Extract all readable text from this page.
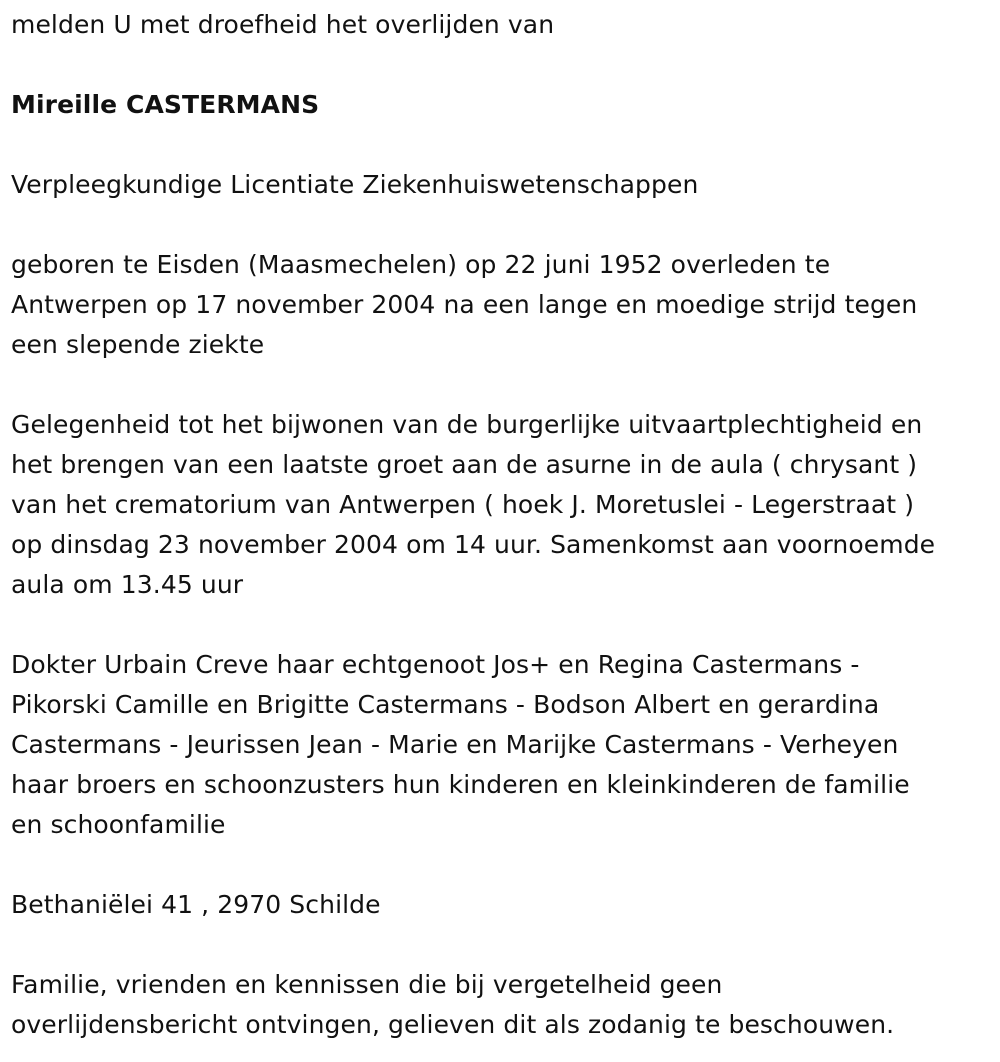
melden U met droefheid het overlijden van

Mireille CASTERMANS

Verpleegkundige Licentiate Ziekenhuiswetenschappen

geboren te Eisden (Maasmechelen) op 22 juni 1952 overleden te
Antwerpen op 17 november 2004 na een lange en moedige strijd tegen
een slepende ziekte

Gelegenheid tot het bijwonen van de burgerlijke uitvaartplechtigheid en
het brengen van een laatste groet aan de asurne in de aula ( chrysant )
van het crematorium van Antwerpen ( hoek J. Moretuslei - Legerstraat )
op dinsdag 23 november 2004 om 14 uur. Samenkomst aan voornoemde
aula om 13.45 uur

Dokter Urbain Creve haar echtgenoot Jos+ en Regina Castermans -
Pikorski Camille en Brigitte Castermans - Bodson Albert en gerardina
Castermans - Jeurissen Jean - Marie en Marijke Castermans - Verheyen
haar broers en schoonzusters hun kinderen en kleinkinderen de familie
en schoonfamilie

Bethaniëlei 41 , 2970 Schilde

Familie, vrienden en kennissen die bij vergetelheid geen
overlijdensbericht ontvingen, gelieven dit als zodanig te beschouwen.
